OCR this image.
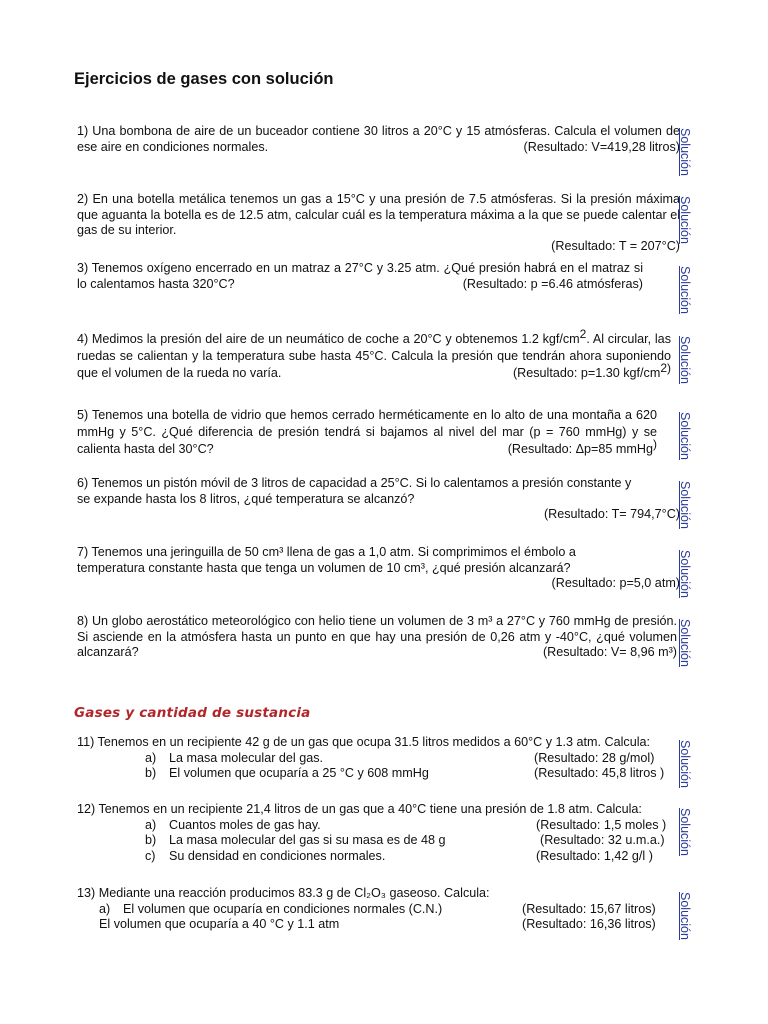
Ejercicios de gases con solución

1) Una bombona de aire de un buceador contiene 30 litros a 20°C y 15 atmósferas. Calcula el volumen de ese aire en condiciones normales.	(Resultado: V=419,28 litros)

Solución

2) En una botella metálica tenemos un gas a 15°C y una presión de 7.5 atmósferas. Si la presión máxima que aguanta la botella es de 12.5 atm, calcular cuál es la temperatura máxima a la que se puede calentar el gas de su interior.

(Resultado: T = 207°C)

Solución

3) Tenemos oxígeno encerrado en un matraz a 27°C y 3.25 atm. ¿Qué presión habrá en el matraz si lo calentamos hasta 320°C?	(Resultado: p =6.46 atmósferas)	Solución

4) Medimos la presión del aire de un neumático de coche a 20°C y obtenemos 1.2 kgf/$cm^2$. Al circular, las ruedas se calientan y la temperatura sube hasta 45°C. Calcula la presión que tendrán ahora suponiendo que el volumen de la rueda no varía.	(Resultado: p=1.30 kgf/$cm^{2)}$ Solución

5) Tenemos una botella de vidrio que hemos cerrado herméticamente en lo alto de una montaña a 620 mmHg y 5°C. ¿Qué diferencia de presión tendrá si bajamos al nivel del mar (p = 760 mmHg) y se calienta hasta del 30°C?	(Resultado: Δp=85 mmHg) Solución

6) Tenemos un pistón móvil de 3 litros de capacidad a 25°C. Si lo calentamos a presión constante y se expande hasta los 8 litros, ¿qué temperatura se alcanzó?

(Resultado: T= 794,7°C)

Solución

7) Tenemos una jeringuilla de 50 cm³ llena de gas a 1,0 atm. Si comprimimos el émbolo a temperatura constante hasta que tenga un volumen de 10 cm³, ¿qué presión alcanzará?

(Resultado: p=5,0 atm)

Solución

8) Un globo aerostático meteorológico con helio tiene un volumen de 3 m³ a 27°C y 760 mmHg de presión. Si asciende en la atmósfera hasta un punto en que hay una presión de 0,26 atm y -40°C, ¿qué volumen alcanzará?	(Resultado: V= 8,96 m³) Solución
Gases y cantidad de sustancia

11) Tenemos en un recipiente 42 g de un gas que ocupa 31.5 litros medidos a 60°C y 1.3 atm. Calcula:

a)	La masa molecular del gas.	(Resultado: 28 g/mol)
b)	El volumen que ocuparía a 25 °C y 608 mmHg	(Resultado: 45,8 litros )	Solución

12) Tenemos en un recipiente 21,4 litros de un gas que a 40°C tiene una presión de 1.8 atm. Calcula:

a)	Cuantos moles de gas hay.	(Resultado: 1,5 moles )
b)	La masa molecular del gas si su masa es de 48 g	(Resultado: 32 u.m.a.)
c)	Su densidad en condiciones normales.	(Resultado: 1,42 g/l )	Solución

13) Mediante una reacción producimos 83.3 g de Cl₂O₃ gaseoso. Calcula:

a)	El volumen que ocuparía en condiciones normales (C.N.)	(Resultado: 15,67 litros)
El volumen que ocuparía a 40 °C y 1.1 atm	(Resultado: 16,36 litros)	Solución
